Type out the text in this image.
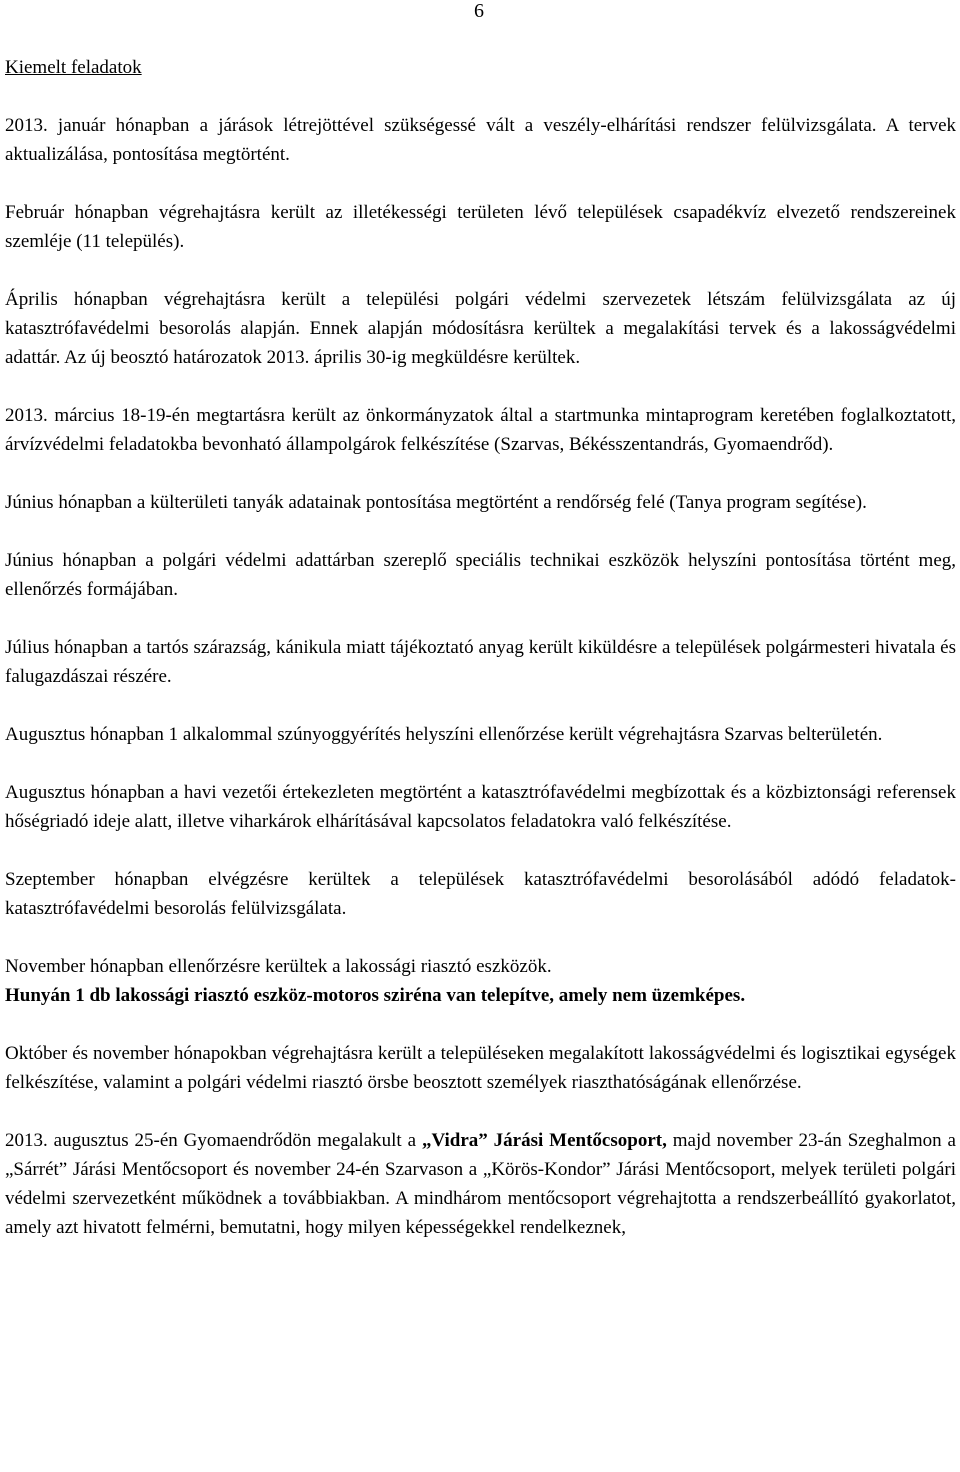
6
Kiemelt feladatok

2013. január hónapban a járások létrejöttével szükségessé vált a veszély-elhárítási rendszer felülvizsgálata. A tervek aktualizálása, pontosítása megtörtént.

Február hónapban végrehajtásra került az illetékességi területen lévő települések csapadékvíz elvezető rendszereinek szemléje (11 település).

Április hónapban végrehajtásra került a települési polgári védelmi szervezetek létszám felülvizsgálata az új katasztrófavédelmi besorolás alapján. Ennek alapján módosításra kerültek a megalakítási tervek és a lakosságvédelmi adattár. Az új beosztó határozatok 2013. április 30-ig megküldésre kerültek.

2013. március 18-19-én megtartásra került az önkormányzatok által a startmunka mintaprogram keretében foglalkoztatott, árvízvédelmi feladatokba bevonható állampolgárok felkészítése (Szarvas, Békésszentandrás, Gyomaendrőd).

Június hónapban a külterületi tanyák adatainak pontosítása megtörtént a rendőrség felé (Tanya program segítése).

Június hónapban a polgári védelmi adattárban szereplő speciális technikai eszközök helyszíni pontosítása történt meg, ellenőrzés formájában.

Július hónapban a tartós szárazság, kánikula miatt tájékoztató anyag került kiküldésre a települések polgármesteri hivatala és falugazdászai részére.

Augusztus hónapban 1 alkalommal szúnyoggyérítés helyszíni ellenőrzése került végrehajtásra Szarvas belterületén.

Augusztus hónapban a havi vezetői értekezleten megtörtént a katasztrófavédelmi megbízottak és a közbiztonsági referensek hőségriadó ideje alatt, illetve viharkárok elhárításával kapcsolatos feladatokra való felkészítése.

Szeptember hónapban elvégzésre kerültek a települések katasztrófavédelmi besorolásából adódó feladatok-katasztrófavédelmi besorolás felülvizsgálata.

November hónapban ellenőrzésre kerültek a lakossági riasztó eszközök.

Hunyán 1 db lakossági riasztó eszköz-motoros sziréna van telepítve, amely nem üzemképes.

Október és november hónapokban végrehajtásra került a településeken megalakított lakosságvédelmi és logisztikai egységek felkészítése, valamint a polgári védelmi riasztó örsbe beosztott személyek riaszthatóságának ellenőrzése.

2013. augusztus 25-én Gyomaendrődön megalakult a „Vidra” Járási Mentőcsoport, majd november 23-án Szeghalmon a „Sárrét” Járási Mentőcsoport és november 24-én Szarvason a „Körös-Kondor” Járási Mentőcsoport, melyek területi polgári védelmi szervezetként működnek a továbbiakban. A mindhárom mentőcsoport végrehajtotta a rendszerbeállító gyakorlatot, amely azt hivatott felmérni, bemutatni, hogy milyen képességekkel rendelkeznek,
